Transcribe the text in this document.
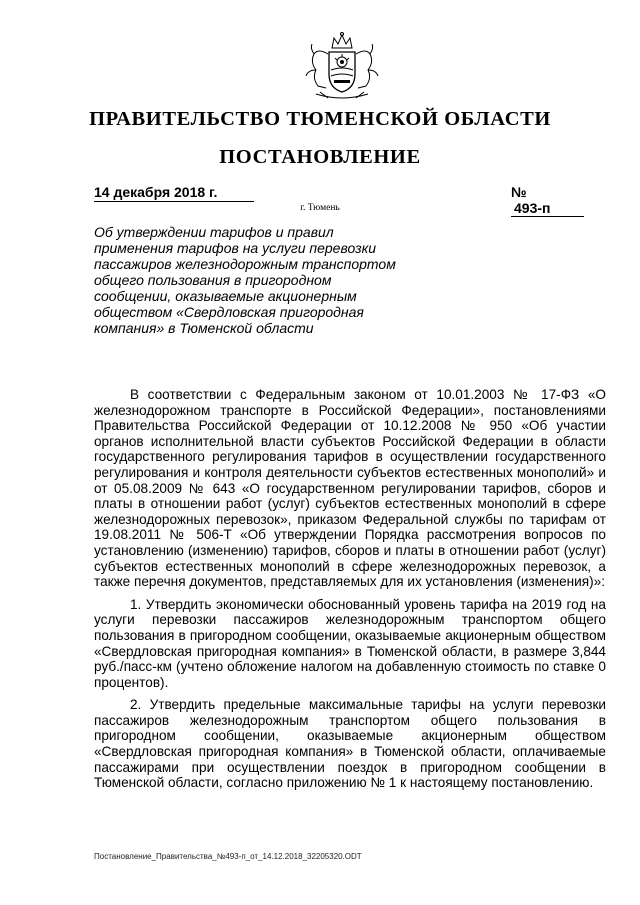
ПРАВИТЕЛЬСТВО ТЮМЕНСКОЙ ОБЛАСТИ
ПОСТАНОВЛЕНИЕ
14 декабря 2018 г.
г. Тюмень
№ 493-п
Об утверждении тарифов и правил
применения тарифов на услуги перевозки
пассажиров железнодорожным транспортом
общего пользования в пригородном
сообщении, оказываемые акционерным
обществом «Свердловская пригородная
компания» в Тюменской области

В соответствии с Федеральным законом от 10.01.2003 № 17-ФЗ «О железнодорожном транспорте в Российской Федерации», постановлениями Правительства Российской Федерации от 10.12.2008 № 950 «Об участии органов исполнительной власти субъектов Российской Федерации в области государственного регулирования тарифов в осуществлении государственного регулирования и контроля деятельности субъектов естественных монополий» и от 05.08.2009 № 643 «О государственном регулировании тарифов, сборов и платы в отношении работ (услуг) субъектов естественных монополий в сфере железнодорожных перевозок», приказом Федеральной службы по тарифам от 19.08.2011 № 506-Т «Об утверждении Порядка рассмотрения вопросов по установлению (изменению) тарифов, сборов и платы в отношении работ (услуг) субъектов естественных монополий в сфере железнодорожных перевозок, а также перечня документов, представляемых для их установления (изменения)»:

1. Утвердить экономически обоснованный уровень тарифа на 2019 год на услуги перевозки пассажиров железнодорожным транспортом общего пользования в пригородном сообщении, оказываемые акционерным обществом «Свердловская пригородная компания» в Тюменской области, в размере 3,844 руб./пасс-км (учтено обложение налогом на добавленную стоимость по ставке 0 процентов).

2. Утвердить предельные максимальные тарифы на услуги перевозки пассажиров железнодорожным транспортом общего пользования в пригородном сообщении, оказываемые акционерным обществом «Свердловская пригородная компания» в Тюменской области, оплачиваемые пассажирами при осуществлении поездок в пригородном сообщении в Тюменской области, согласно приложению № 1 к настоящему постановлению.

Постановление_Правительства_№493-п_от_14.12.2018_32205320.ODT
